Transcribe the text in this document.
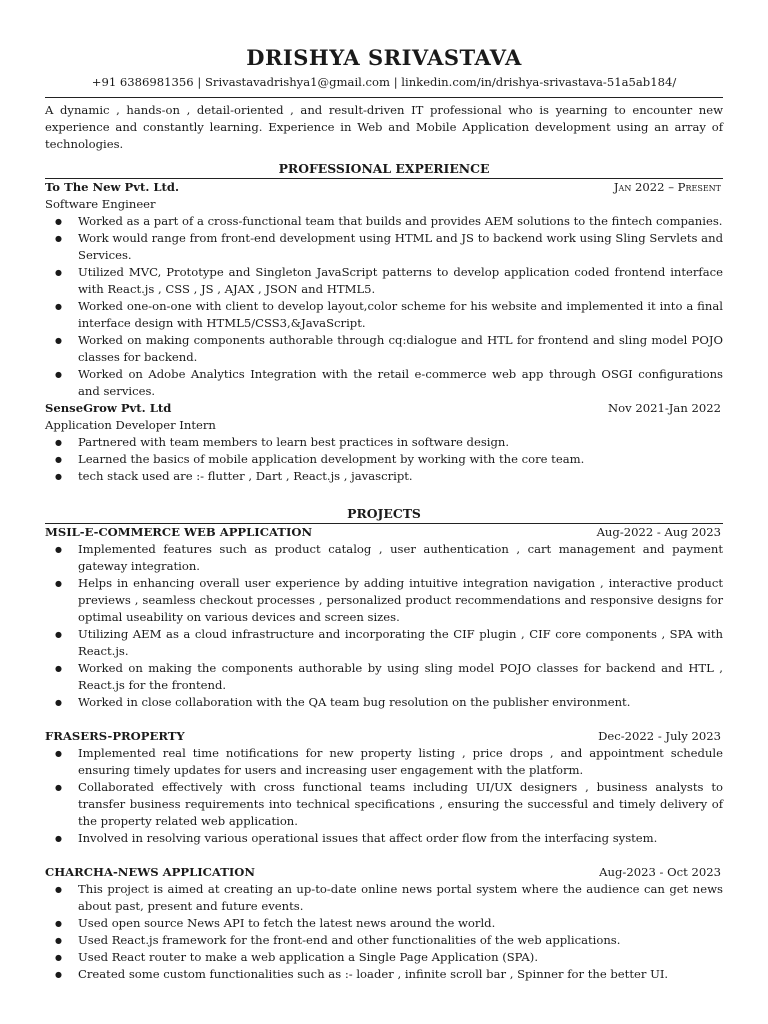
DRISHYA SRIVASTAVA
+91 6386981356 | Srivastavadrishya1@gmail.com | linkedin.com/in/drishya-srivastava-51a5ab184/
A dynamic , hands-on , detail-oriented , and result-driven IT professional who is yearning to encounter new experience and constantly learning. Experience in Web and Mobile Application development using an array of technologies.
PROFESSIONAL EXPERIENCE
To The New Pvt. Ltd.	Jan 2022 – Present
Software Engineer
● Worked as a part of a cross-functional team that builds and provides AEM solutions to the fintech companies.
● Work would range from front-end development using HTML and JS to backend work using Sling Servlets and Services.
● Utilized MVC, Prototype and Singleton JavaScript patterns to develop application coded frontend interface with React.js , CSS , JS , AJAX , JSON and HTML5.
● Worked one-on-one with client to develop layout,color scheme for his website and implemented it into a final interface design with HTML5/CSS3,&JavaScript.
● Worked on making components authorable through cq:dialogue and HTL for frontend and sling model POJO classes for backend.
● Worked on Adobe Analytics Integration with the retail e-commerce web app through OSGI configurations and services.
SenseGrow Pvt. Ltd	Nov 2021-Jan 2022
Application Developer Intern
● Partnered with team members to learn best practices in software design.
● Learned the basics of mobile application development by working with the core team.
● tech stack used are :- flutter , Dart , React.js , javascript.
PROJECTS
MSIL-E-COMMERCE WEB APPLICATION	Aug-2022 - Aug 2023
● Implemented features such as product catalog , user authentication , cart management and payment gateway integration.
● Helps in enhancing overall user experience by adding intuitive integration navigation , interactive product previews , seamless checkout processes , personalized product recommendations and responsive designs for optimal useability on various devices and screen sizes.
● Utilizing AEM as a cloud infrastructure and incorporating the CIF plugin , CIF core components , SPA with React.js.
● Worked on making the components authorable by using sling model POJO classes for backend and HTL , React.js for the frontend.
● Worked in close collaboration with the QA team bug resolution on the publisher environment.
FRASERS-PROPERTY	Dec-2022 - July 2023
● Implemented real time notifications for new property listing , price drops , and appointment schedule ensuring timely updates for users and increasing user engagement with the platform.
● Collaborated effectively with cross functional teams including UI/UX designers , business analysts to transfer business requirements into technical specifications , ensuring the successful and timely delivery of the property related web application.
● Involved in resolving various operational issues that affect order flow from the interfacing system.
CHARCHA-NEWS APPLICATION	Aug-2023 - Oct 2023
● This project is aimed at creating an up-to-date online news portal system where the audience can get news about past, present and future events.
● Used open source News API to fetch the latest news around the world.
● Used React.js framework for the front-end and other functionalities of the web applications.
● Used React router to make a web application a Single Page Application (SPA).
● Created some custom functionalities such as :- loader , infinite scroll bar , Spinner for the better UI.
